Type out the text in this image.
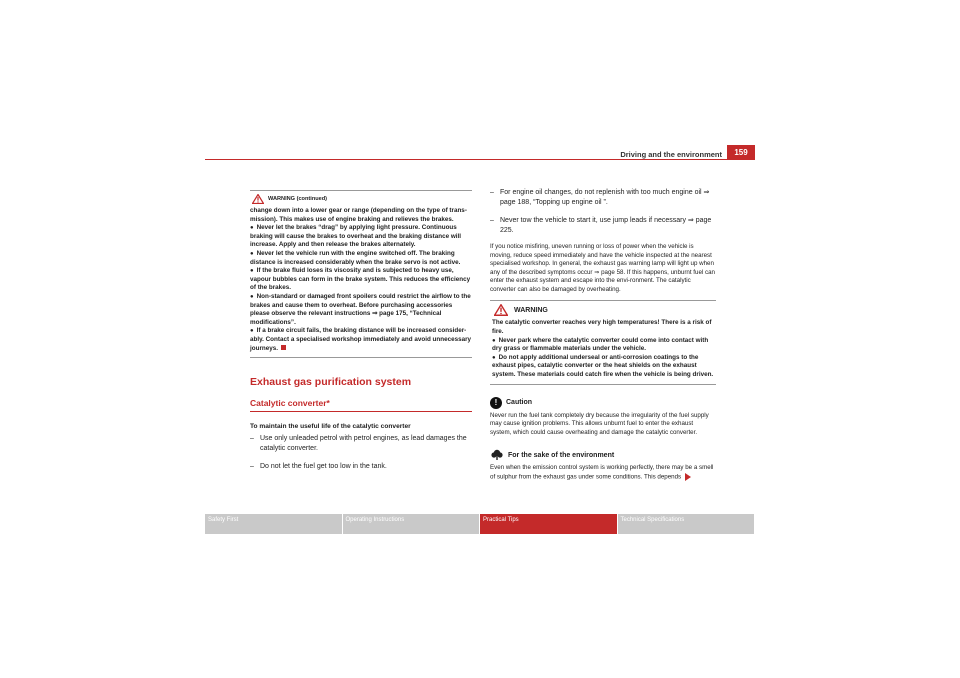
Driving and the environment	159
WARNING (continued)

change down into a lower gear or range (depending on the type of trans-mission). This makes use of engine braking and relieves the brakes.

● Never let the brakes “drag” by applying light pressure. Continuous braking will cause the brakes to overheat and the braking distance will increase. Apply and then release the brakes alternately.

● Never let the vehicle run with the engine switched off. The braking distance is increased considerably when the brake servo is not active.

● If the brake fluid loses its viscosity and is subjected to heavy use, vapour bubbles can form in the brake system. This reduces the efficiency of the brakes.

● Non-standard or damaged front spoilers could restrict the airflow to the brakes and cause them to overheat. Before purchasing accessories please observe the relevant instructions ⇒ page 175, “Technical modifications”.

● If a brake circuit fails, the braking distance will be increased consider-ably. Contact a specialised workshop immediately and avoid unnecessary journeys.

Exhaust gas purification system
Catalytic converter*
To maintain the useful life of the catalytic converter
– Use only unleaded petrol with petrol engines, as lead damages the catalytic converter.
– Do not let the fuel get too low in the tank.
– For engine oil changes, do not replenish with too much engine oil ⇒ page 188, “Topping up engine oil ”.
– Never tow the vehicle to start it, use jump leads if necessary ⇒ page 225.
If you notice misfiring, uneven running or loss of power when the vehicle is moving, reduce speed immediately and have the vehicle inspected at the nearest specialised workshop. In general, the exhaust gas warning lamp will light up when any of the described symptoms occur ⇒ page 58. If this happens, unburnt fuel can enter the exhaust system and escape into the envi-ronment. The catalytic converter can also be damaged by overheating.
WARNING

The catalytic converter reaches very high temperatures! There is a risk of fire.

● Never park where the catalytic converter could come into contact with dry grass or flammable materials under the vehicle.

● Do not apply additional underseal or anti-corrosion coatings to the exhaust pipes, catalytic converter or the heat shields on the exhaust system. These materials could catch fire when the vehicle is being driven.

!	Caution
Never run the fuel tank completely dry because the irregularity of the fuel supply may cause ignition problems. This allows unburnt fuel to enter the exhaust system, which could cause overheating and damage the catalytic converter.
For the sake of the environment
Even when the emission control system is working perfectly, there may be a smell of sulphur from the exhaust gas under some conditions. This depends
Safety First	Operating Instructions	Practical Tips	Technical Specifications
